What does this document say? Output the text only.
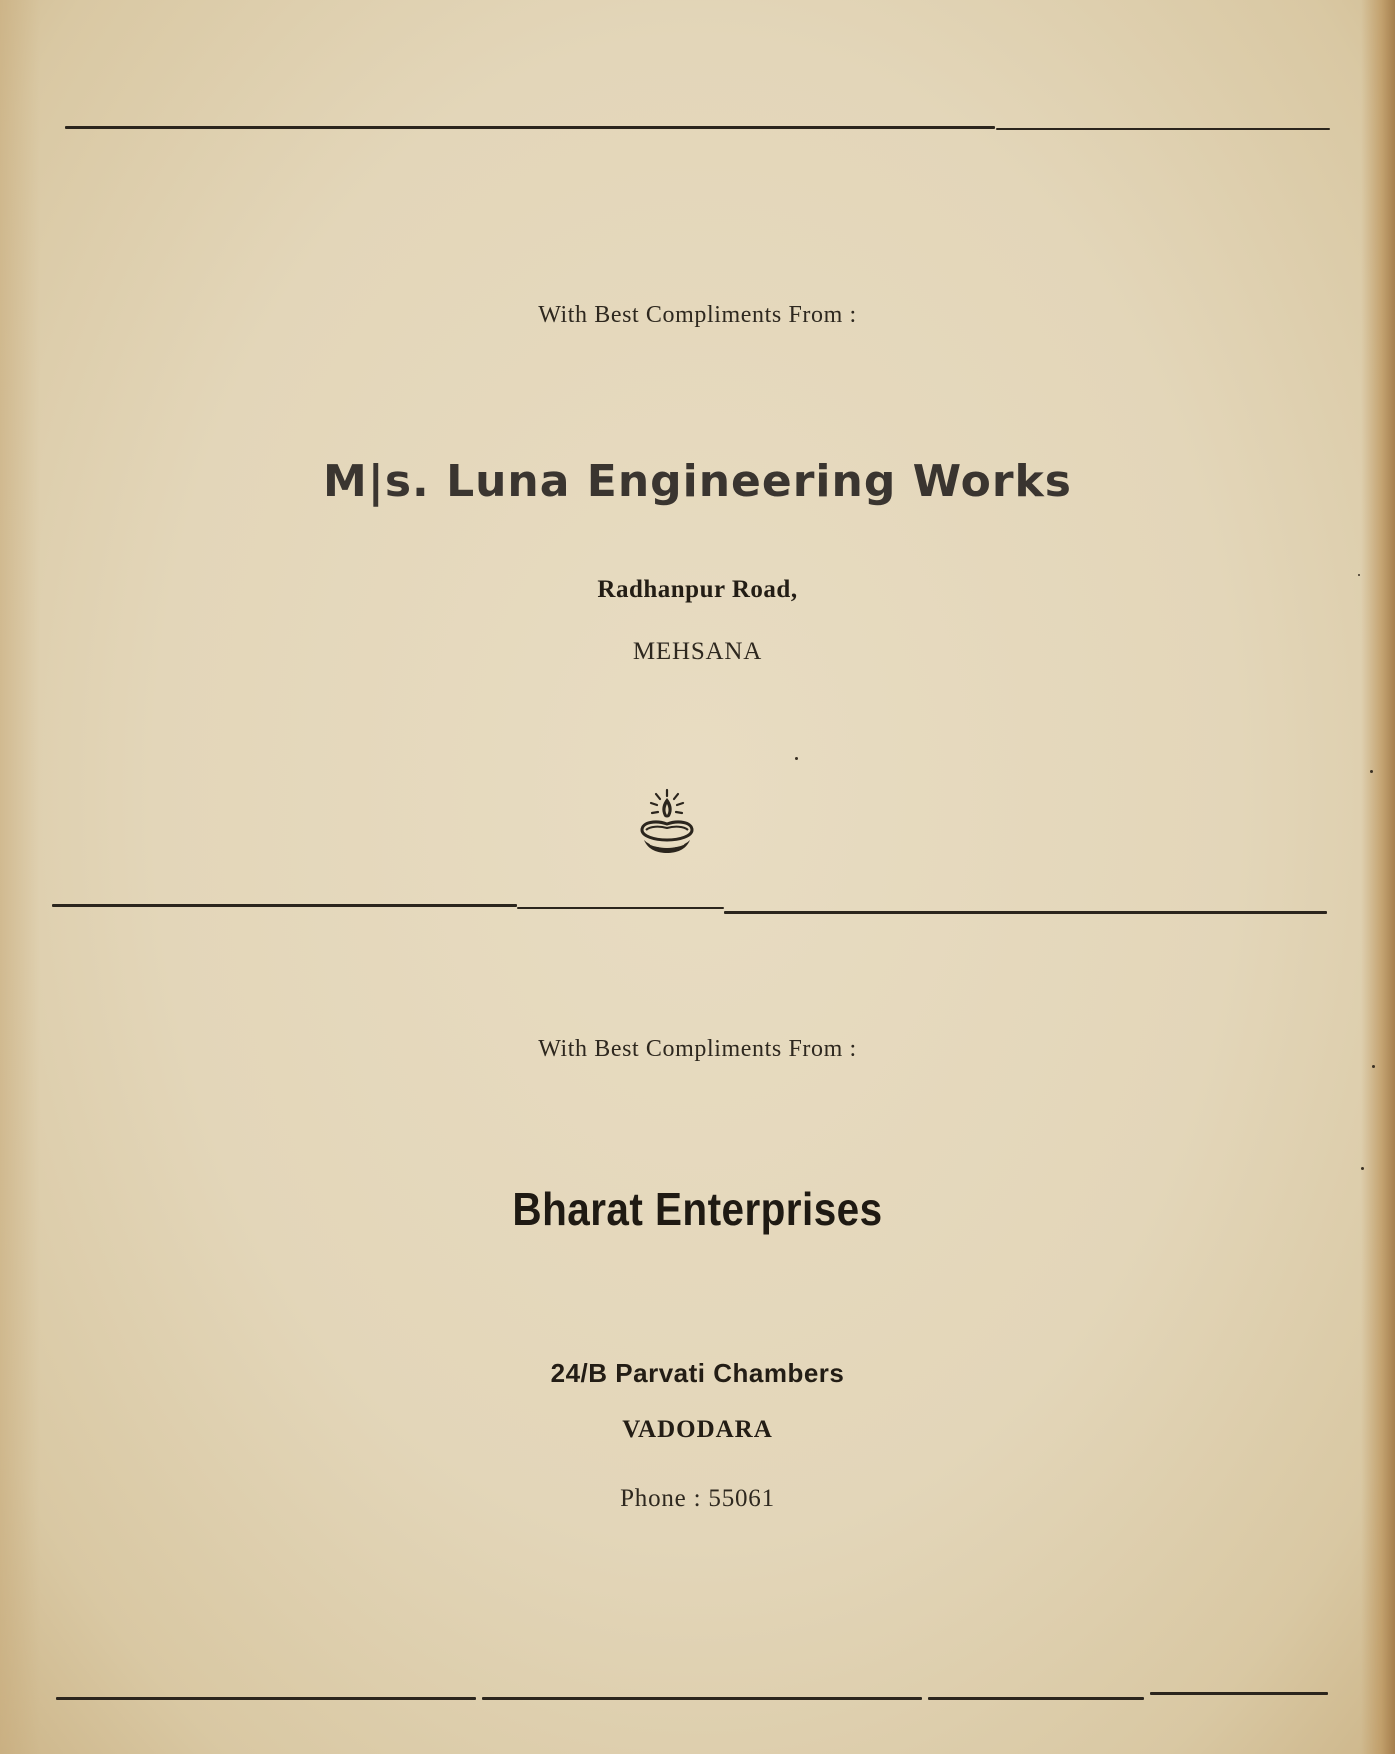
With Best Compliments From :
M|s. Luna Engineering Works
Radhanpur Road,
MEHSANA
With Best Compliments From :
Bharat Enterprises
24/B Parvati Chambers
VADODARA
Phone : 55061
